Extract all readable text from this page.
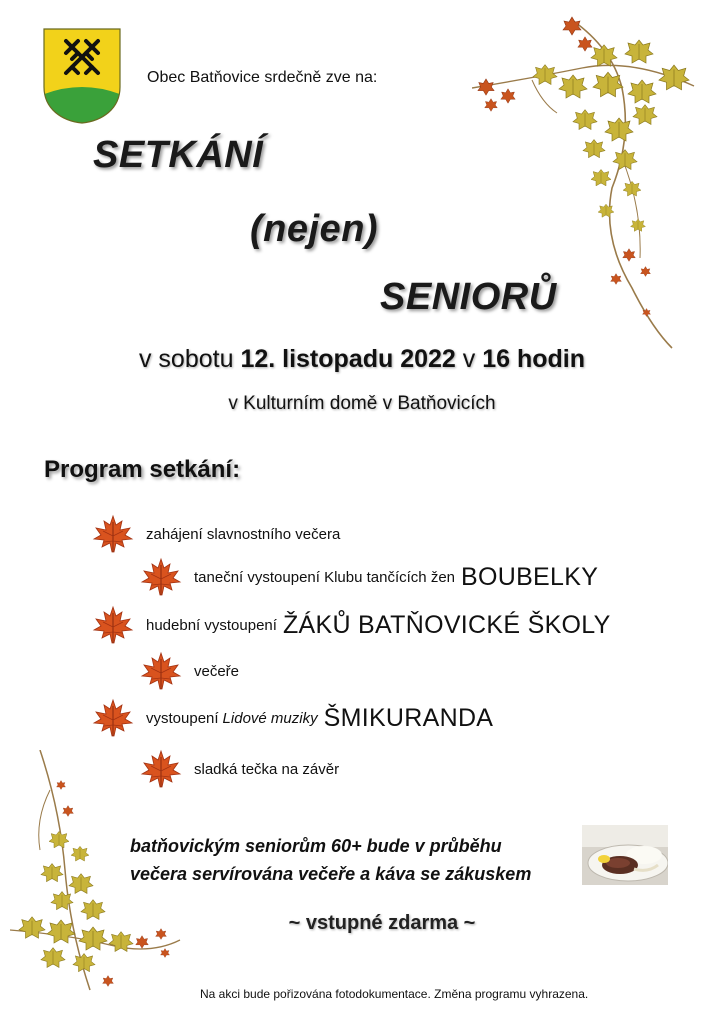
Obec Batňovice srdečně zve na:
SETKÁNÍ
(nejen)
SENIORŮ
v sobotu 12. listopadu 2022 v 16 hodin
v Kulturním domě v Batňovicích
Program setkání:
zahájení slavnostního večera
taneční vystoupení Klubu tančících žen BOUBELKY
hudební vystoupení ŽÁKŮ BATŇOVICKÉ ŠKOLY
večeře
vystoupení Lidové muziky ŠMIKURANDA
sladká tečka na závěr
batňovickým seniorům 60+ bude v průběhu
večera servírována večeře a káva se zákuskem
~ vstupné zdarma ~
Na akci bude pořizována fotodokumentace. Změna programu vyhrazena.
